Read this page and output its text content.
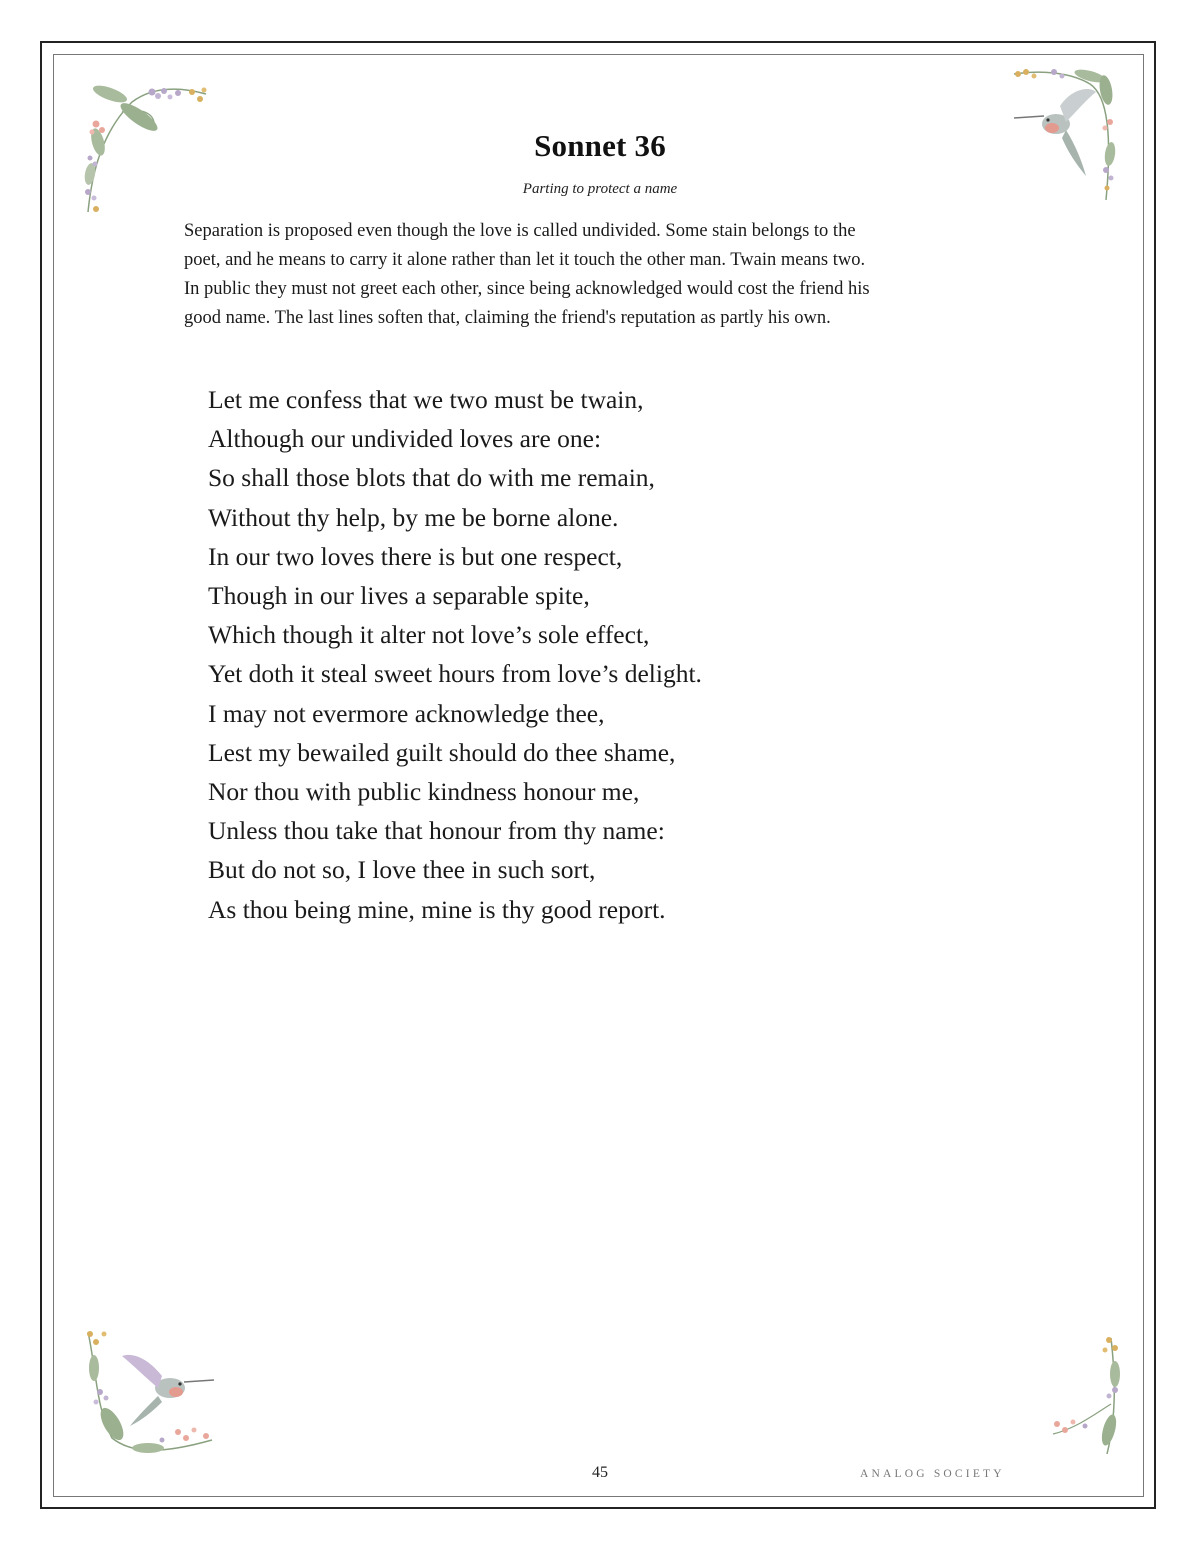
Sonnet 36
Parting to protect a name
Separation is proposed even though the love is called undivided. Some stain belongs to the
poet, and he means to carry it alone rather than let it touch the other man. Twain means two.
In public they must not greet each other, since being acknowledged would cost the friend his
good name. The last lines soften that, claiming the friend's reputation as partly his own.
Let me confess that we two must be twain,
Although our undivided loves are one:
So shall those blots that do with me remain,
Without thy help, by me be borne alone.
In our two loves there is but one respect,
Though in our lives a separable spite,
Which though it alter not love’s sole effect,
Yet doth it steal sweet hours from love’s delight.
I may not evermore acknowledge thee,
Lest my bewailed guilt should do thee shame,
Nor thou with public kindness honour me,
Unless thou take that honour from thy name:
But do not so, I love thee in such sort,
As thou being mine, mine is thy good report.
45	ANALOG SOCIETY
